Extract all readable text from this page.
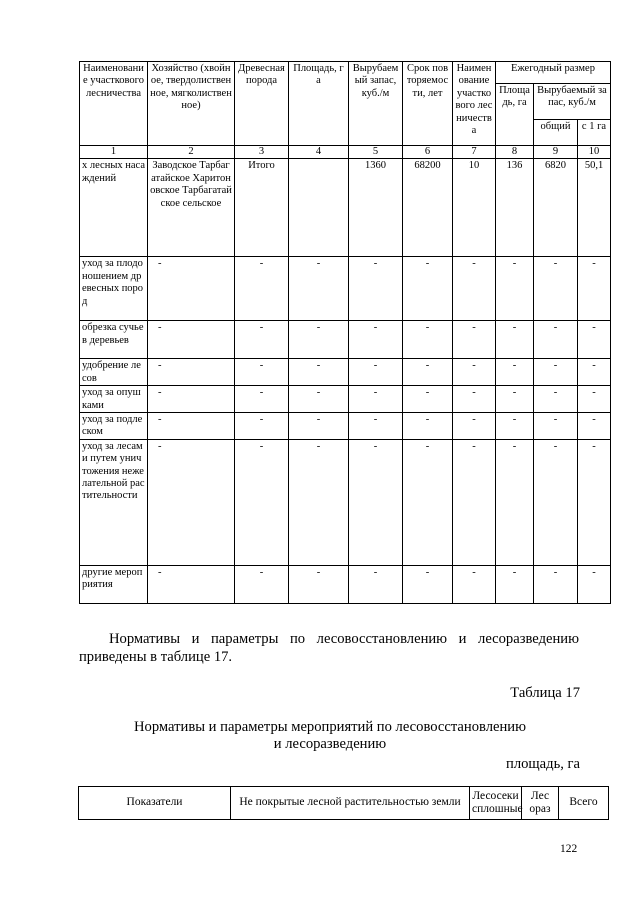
Наименование участкового лесничества	Хозяйство (хвойное, твердолиственное, мягколиственное)	Древесная порода	Площадь, га	Вырубаемый запас, куб./м	Срок повторяемости, лет	Наименование участкового лесничества	Ежегодный размер		
							Площадь, га	Вырубаемый запас, куб./м	
								общий	с 1 га
1	2	3	4	5	6	7	8	9	10
х лесных насаждений	Заводское Тарбагатайское Харитоновское Тарбагатайское сельское	Итого		1360	68200	10	136	6820	50,1
уход за плодоношением древесных пород	-	-	-	-	-	-	-	-	-
обрезка сучьев деревьев	-	-	-	-	-	-	-	-	-
удобрение лесов	-	-	-	-	-	-	-	-	-
уход за опушками	-	-	-	-	-	-	-	-	-
уход за подлеском	-	-	-	-	-	-	-	-	-
уход за лесами путем уничтожения нежелательной растительности	-	-	-	-	-	-	-	-	-
другие мероприятия	-	-	-	-	-	-	-	-	-

Нормативы и параметры по лесовосстановлению и лесоразведению приведены в таблице 17.

Таблица 17

Нормативы и параметры мероприятий по лесовосстановлению

и лесоразведению

площадь, га

Показатели	Не покрытые лесной растительностью земли	Лесосеки сплошные	Лес ораз	Всего
122
